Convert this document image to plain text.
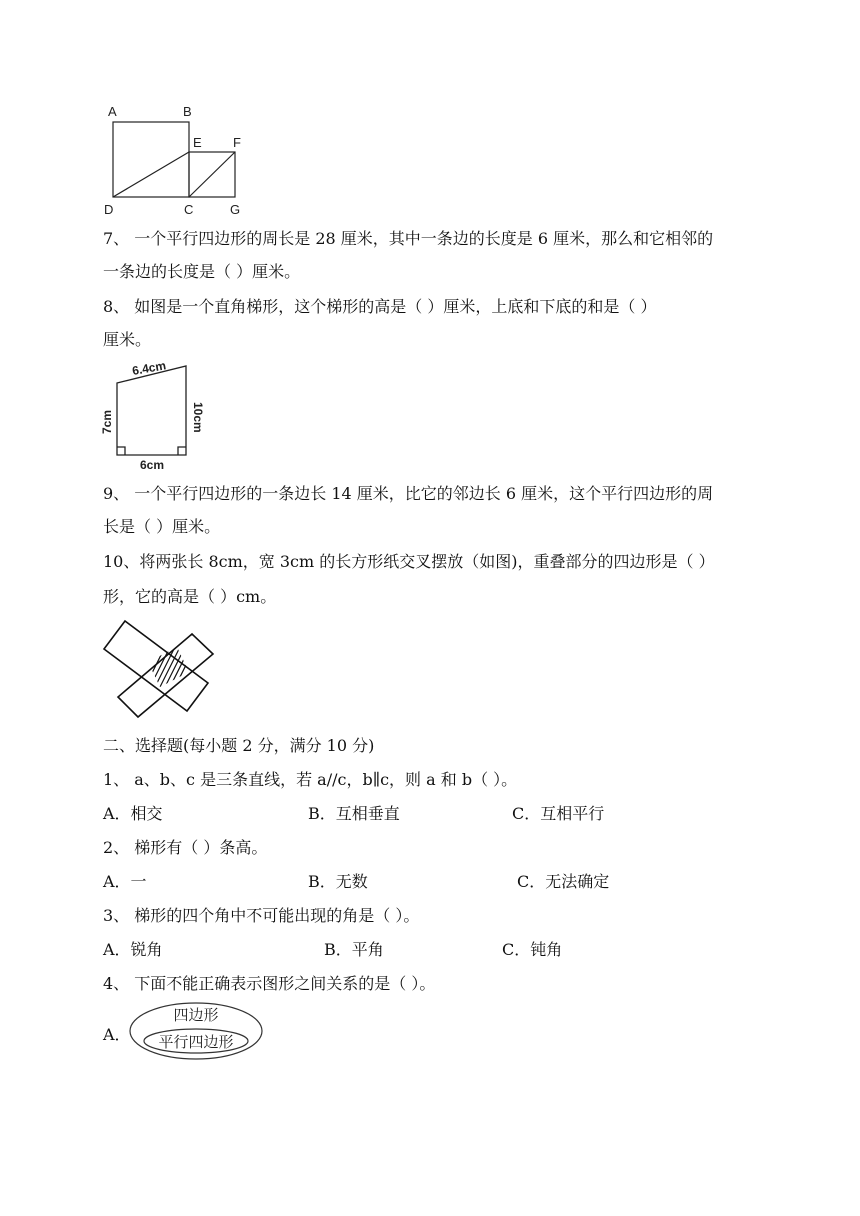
A	B
E F
D	C	G
7、 一个平行四边形的周长是 28 厘米，其中一条边的长度是 6 厘米，那么和它相邻的
一条边的长度是（ ）厘米。
8、 如图是一个直角梯形，这个梯形的高是（ ）厘米，上底和下底的和是（ ）
厘米。
6.4cm
7cm	10cm
6cm
9、 一个平行四边形的一条边长 14 厘米，比它的邻边长 6 厘米，这个平行四边形的周
长是（ ）厘米。
10、将两张长 8cm，宽 3cm 的长方形纸交叉摆放（如图)，重叠部分的四边形是（ ）
形，它的高是（ ）cm。
二、选择题(每小题 2 分，满分 10 分)
1、 a、b、c 是三条直线，若 a//c，b∥c，则 a 和 b（ ）。
A．相交	B．互相垂直	C．互相平行
2、 梯形有（ ）条高。
A．一	B．无数	C．无法确定
3、 梯形的四个角中不可能出现的角是（ ）。
A．锐角	B．平角	C．钝角
4、 下面不能正确表示图形之间关系的是（ ）。
A．
四边形
平行四边形
